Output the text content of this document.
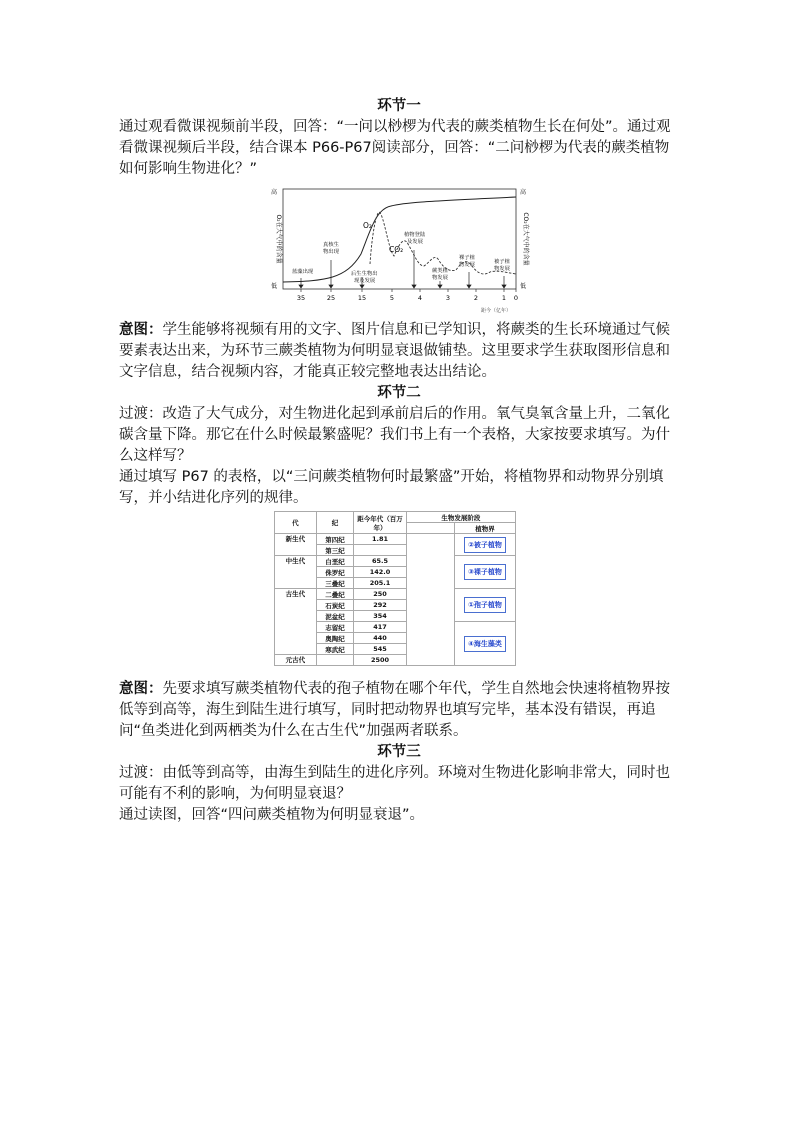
环节一

通过观看微课视频前半段，回答：“一问以桫椤为代表的蕨类植物生长在何处”。通过观看微课视频后半段，结合课本 P66-P67阅读部分，回答：“二问桫椤为代表的蕨类植物如何影响生物进化？”

高
低
高
低
O₂在大气中的含量	CO₂在大气中的含量
O₂
CO₂
蓝藻出现
真核生物出现
后生生物出现及发展
植物登陆及发展
蕨类植物发展
裸子植物发展	被子植物发展
35	25	15	5	4	3	2	1 0
距今（亿年）

意图：学生能够将视频有用的文字、图片信息和已学知识，将蕨类的生长环境通过气候要素表达出来，为环节三蕨类植物为何明显衰退做铺垫。这里要求学生获取图形信息和文字信息，结合视频内容，才能真正较完整地表达出结论。

环节二

过渡：改造了大气成分，对生物进化起到承前启后的作用。氧气臭氧含量上升，二氧化碳含量下降。那它在什么时候最繁盛呢？我们书上有一个表格，大家按要求填写。为什么这样写？

通过填写 P67 的表格，以“三问蕨类植物何时最繁盛”开始，将植物界和动物界分别填写，并小结进化序列的规律。

代	纪	距今年代（百万年）	生物发展阶段	
				植物界
新生代	第四纪	1.81		②被子植物
	第三纪			
中生代	白垩纪	65.5		③裸子植物
	侏罗纪	142.0		
	三叠纪	205.1		
古生代	二叠纪	250		①孢子植物
	石炭纪	292		
	泥盆纪	354		
	志留纪	417		④海生藻类
	奥陶纪	440		
	寒武纪	545		
元古代		2500		

意图：先要求填写蕨类植物代表的孢子植物在哪个年代，学生自然地会快速将植物界按低等到高等，海生到陆生进行填写，同时把动物界也填写完毕，基本没有错误，再追问“鱼类进化到两栖类为什么在古生代”加强两者联系。

环节三

过渡：由低等到高等，由海生到陆生的进化序列。环境对生物进化影响非常大，同时也可能有不利的影响，为何明显衰退？

通过读图，回答“四问蕨类植物为何明显衰退”。
